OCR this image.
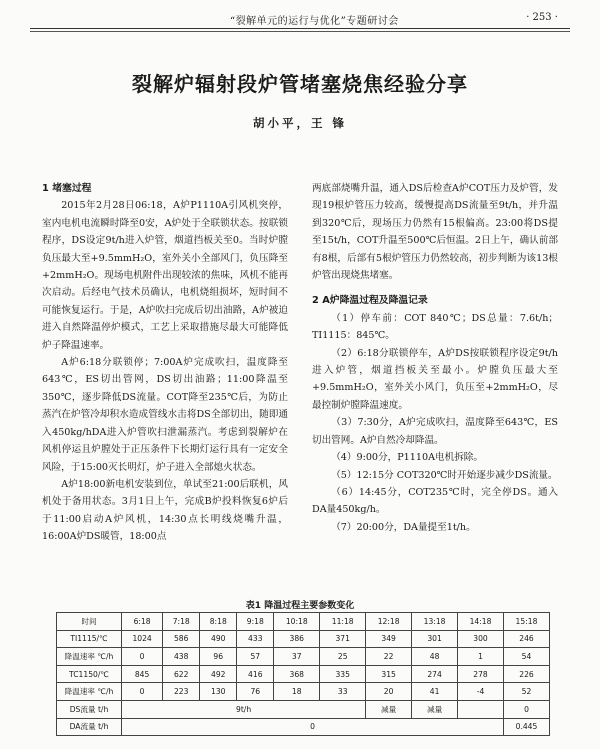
“裂解单元的运行与优化”专题研讨会	· 253 ·
裂解炉辐射段炉管堵塞烧焦经验分享
胡小平，王 锋
1 堵塞过程

2015年2月28日06:18，A炉P1110A引风机突停，室内电机电流瞬时降至0安，A炉处于全联锁状态。按联锁程序，DS设定9t/h进入炉管，烟道挡板关至0。当时炉膛负压最大至+9.5mmH₂O，室外关小全部风门，负压降至+2mmH₂O。现场电机附件出现较浓的焦味，风机不能再次启动。后经电气技术员确认，电机烧组损坏，短时间不可能恢复运行。于是，A炉吹扫完成后切出油路，A炉被迫进入自然降温停炉模式，工艺上采取措施尽最大可能降低炉子降温速率。

A炉6:18分联锁停；7:00A炉完成吹扫，温度降至643℃，ES切出管网，DS切出油路；11:00降温至350℃，逐步降低DS流量。COT降至235℃后，为防止蒸汽在炉管冷却积水造成管线水击将DS全部切出，随即通入450kg/hDA进入炉管吹扫泄漏蒸汽。考虑到裂解炉在风机停运且炉膛处于正压条件下长期灯运行具有一定安全风险，于15:00灭长明灯，炉子进入全部熄火状态。

A炉18:00新电机安装到位，单试至21:00后联机，风机处于备用状态。3月1日上午，完成B炉投料恢复6炉后于11:00启动A炉风机，14:30点长明线烧嘴升温，16:00A炉DS暖管，18:00点

两底部烧嘴升温，通入DS后检查A炉COT压力及炉管，发现19根炉管压力较高，缓慢提高DS流量至9t/h，并升温到320℃后，现场压力仍然有15根偏高。23:00将DS提至15t/h，COT升温至500℃后恒温。2日上午，确认前部有8根，后部有5根炉管压力仍然较高，初步判断为该13根炉管出现烧焦堵塞。

2 A炉降温过程及降温记录

（1）停车前：COT 840℃；DS总量：7.6t/h；TI1115：845℃。

（2）6:18分联锁停车，A炉DS按联锁程序设定9t/h进入炉管，烟道挡板关至最小。炉膛负压最大至+9.5mmH₂O，室外关小风门，负压至+2mmH₂O，尽最控制炉膛降温速度。

（3）7:30分，A炉完成吹扫，温度降至643℃，ES切出管网。A炉自然冷却降温。

（4）9:00分，P1110A电机拆除。

（5）12:15分 COT320℃时开始逐步减少DS流量。

（6）14:45分，COT235℃时，完全停DS。通入DA量450kg/h。

（7）20:00分，DA量提至1t/h。

表1 降温过程主要参数变化
时间	6:18	7:18	8:18	9:18	10:18	11:18	12:18	13:18	14:18	15:18
TI1115/℃	1024	586	490	433	386	371	349	301	300	246
降温速率 ℃/h	0	438	96	57	37	25	22	48	1	54
TC1150/℃	845	622	492	416	368	335	315	274	278	226
降温速率 ℃/h	0	223	130	76	18	33	20	41	-4	52
DS流量 t/h	9t/h						减量	减量		0
DA流量 t/h	0									0.445
